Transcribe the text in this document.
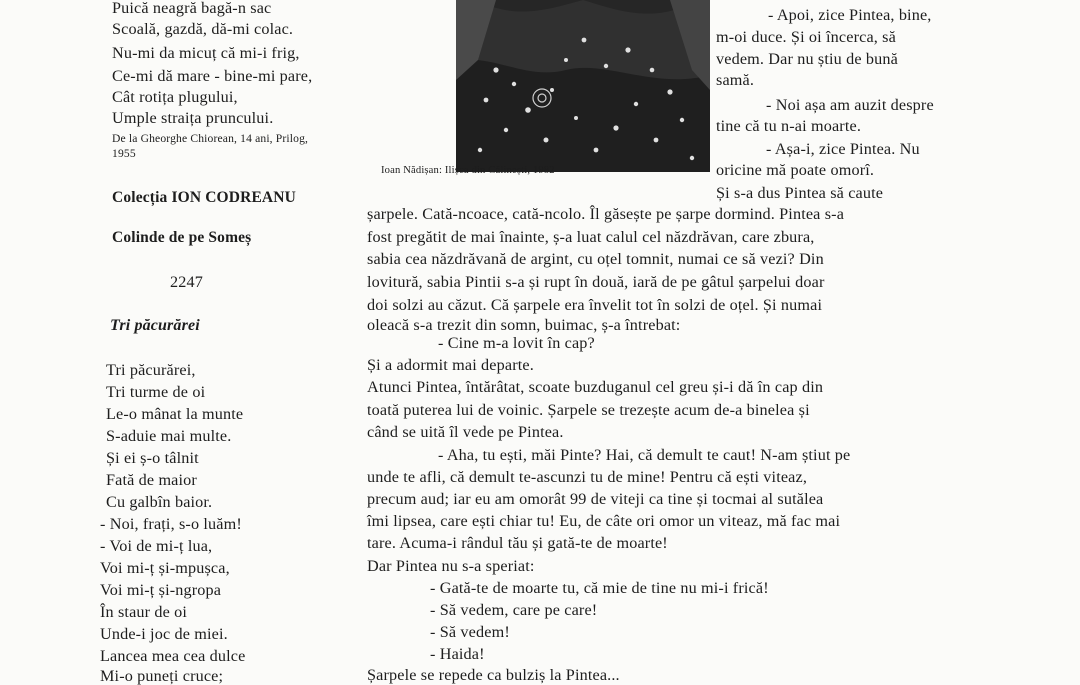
Puică neagră bagă-n sac
Scoală, gazdă, dă-mi colac.
Nu-mi da micuț că mi-i frig,
Ce-mi dă mare - bine-mi pare,
Cât rotița plugului,
Umple straița pruncului.
De la Gheorghe Chiorean, 14 ani, Prilog,
1955
Colecția ION CODREANU
Colinde de pe Someș
2247
Tri păcurărei
Tri păcurărei,
Tri turme de oi
Le-o mânat la munte
S-aduie mai multe.
Și ei ș-o tâlnit
Fată de maior
Cu galbîn baior.
- Noi, frați, s-o luăm!
- Voi de mi-ț lua,
Voi mi-ț și-mpușca,
Voi mi-ț și-ngropa
În staur de oi
Unde-i joc de miei.
Lancea mea cea dulce
Mi-o puneți cruce;
Ioan Nădișan: Ilișca din Călinești, 1982
- Apoi, zice Pintea, bine,
m-oi duce. Și oi încerca, să
vedem. Dar nu știu de bună
samă.
- Noi așa am auzit despre
tine că tu n-ai moarte.
- Așa-i, zice Pintea. Nu
oricine mă poate omorî.
Și s-a dus Pintea să caute
șarpele. Cată-ncoace, cată-ncolo. Îl găsește pe șarpe dormind. Pintea s-a
fost pregătit de mai înainte, ș-a luat calul cel năzdrăvan, care zbura,
sabia cea năzdrăvană de argint, cu oțel tomnit, numai ce să vezi? Din
lovitură, sabia Pintii s-a și rupt în două, iară de pe gâtul șarpelui doar
doi solzi au căzut. Că șarpele era învelit tot în solzi de oțel. Și numai
oleacă s-a trezit din somn, buimac, ș-a întrebat:
- Cine m-a lovit în cap?
Și a adormit mai departe.
Atunci Pintea, întărâtat, scoate buzduganul cel greu și-i dă în cap din
toată puterea lui de voinic. Șarpele se trezește acum de-a binelea și
când se uită îl vede pe Pintea.
- Aha, tu ești, măi Pinte? Hai, că demult te caut! N-am știut pe
unde te afli, că demult te-ascunzi tu de mine! Pentru că ești viteaz,
precum aud; iar eu am omorât 99 de viteji ca tine și tocmai al sutălea
îmi lipsea, care ești chiar tu! Eu, de câte ori omor un viteaz, mă fac mai
tare. Acuma-i rândul tău și gată-te de moarte!
Dar Pintea nu s-a speriat:
- Gată-te de moarte tu, că mie de tine nu mi-i frică!
- Să vedem, care pe care!
- Să vedem!
- Haida!
Șarpele se repede ca bulziș la Pintea...
